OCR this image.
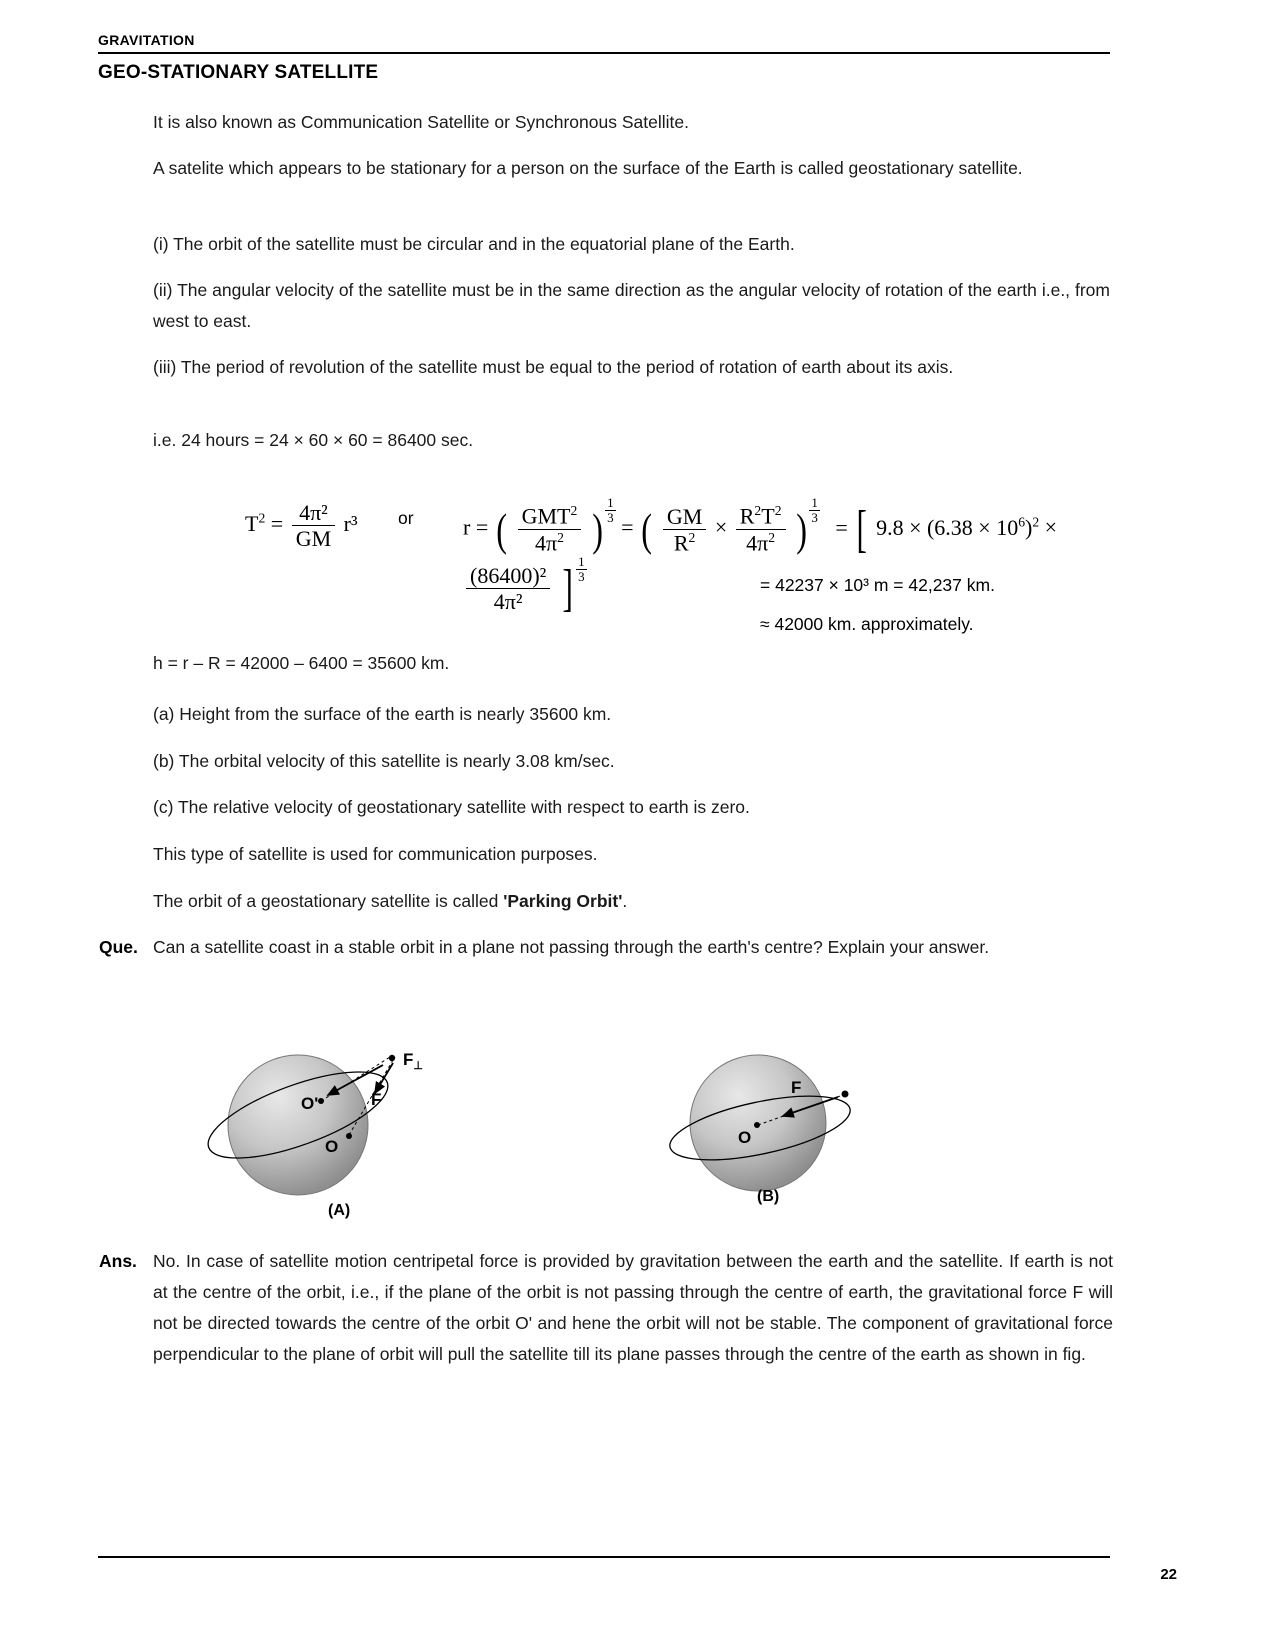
GRAVITATION
GEO-STATIONARY SATELLITE
It is also known as Communication Satellite or Synchronous Satellite.
A satelite which appears to be stationary for a person on the surface of the Earth is called geostationary satellite.
(i) The orbit of the satellite must be circular and in the equatorial plane of the Earth.
(ii) The angular velocity of the satellite must be in the same direction as the angular velocity of rotation of the earth i.e., from west to east.
(iii) The period of revolution of the satellite must be equal to the period of rotation of earth about its axis.
i.e. 24 hours = 24 × 60 × 60 = 86400 sec.
$T^2 = \frac{\text{4π²}}{GM} r^3$ or r = ( $\frac{GMT^2}{4\pi^2}$ ) $\frac{1}{3}$
= ( $\frac{GM}{R^2} \times \frac{R^2T^2}{4\pi^2}$ ) $\frac{1}{3}$
= [ $9.8 \times (6.38 \times 10^6)^2$ ×
$\frac{\text{(86400)²}}{\text{4π²}}$ ] $\frac{1}{3}$
= 42237 × 10³ m = 42,237 km.
≈ 42000 km. approximately.
h = r – R = 42000 – 6400 = 35600 km.
(a) Height from the surface of the earth is nearly 35600 km.
(b) The orbital velocity of this satellite is nearly 3.08 km/sec.
(c) The relative velocity of geostationary satellite with respect to earth is zero.
This type of satellite is used for communication purposes.
The orbit of a geostationary satellite is called 'Parking Orbit'.
Que. Can a satellite coast in a stable orbit in a plane not passing through the earth's centre? Explain your answer.
O'
O
F
$F_\perp$
(A)
O
F
(B)
Ans. No. In case of satellite motion centripetal force is provided by gravitation between the earth and the satellite. If earth is not at the centre of the orbit, i.e., if the plane of the orbit is not passing through the centre of earth, the gravitational force F will not be directed towards the centre of the orbit O' and hene the orbit will not be stable. The component of gravitational force perpendicular to the plane of orbit will pull the satellite till its plane passes through the centre of the earth as shown in fig.
22
